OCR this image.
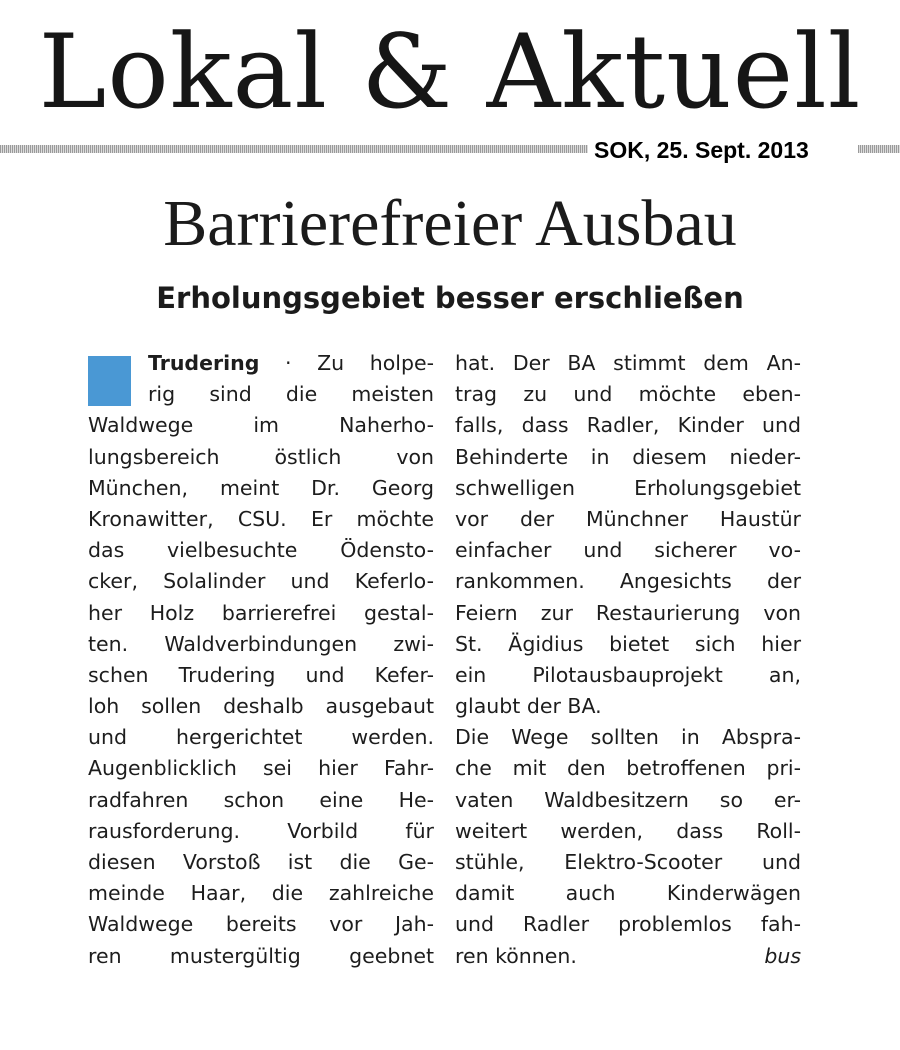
Lokal & Aktuell
SOK, 25. Sept. 2013
Barrierefreier Ausbau
Erholungsgebiet besser erschließen
Trudering · Zu holpe-
rig sind die meisten
Waldwege im Naherho-
lungsbereich östlich von
München, meint Dr. Georg
Kronawitter, CSU. Er möchte
das vielbesuchte Ödensto-
cker, Solalinder und Keferlo-
her Holz barrierefrei gestal-
ten. Waldverbindungen zwi-
schen Trudering und Kefer-
loh sollen deshalb ausgebaut
und hergerichtet werden.
Augenblicklich sei hier Fahr-
radfahren schon eine He-
rausforderung. Vorbild für
diesen Vorstoß ist die Ge-
meinde Haar, die zahlreiche
Waldwege bereits vor Jah-
ren mustergültig geebnet
hat. Der BA stimmt dem An-
trag zu und möchte eben-
falls, dass Radler, Kinder und
Behinderte in diesem nieder-
schwelligen Erholungsgebiet
vor der Münchner Haustür
einfacher und sicherer vo-
rankommen. Angesichts der
Feiern zur Restaurierung von
St. Ägidius bietet sich hier
ein Pilotausbauprojekt an,
glaubt der BA.
Die Wege sollten in Abspra-
che mit den betroffenen pri-
vaten Waldbesitzern so er-
weitert werden, dass Roll-
stühle, Elektro-Scooter und
damit auch Kinderwägen
und Radler problemlos fah-
ren können.	bus
